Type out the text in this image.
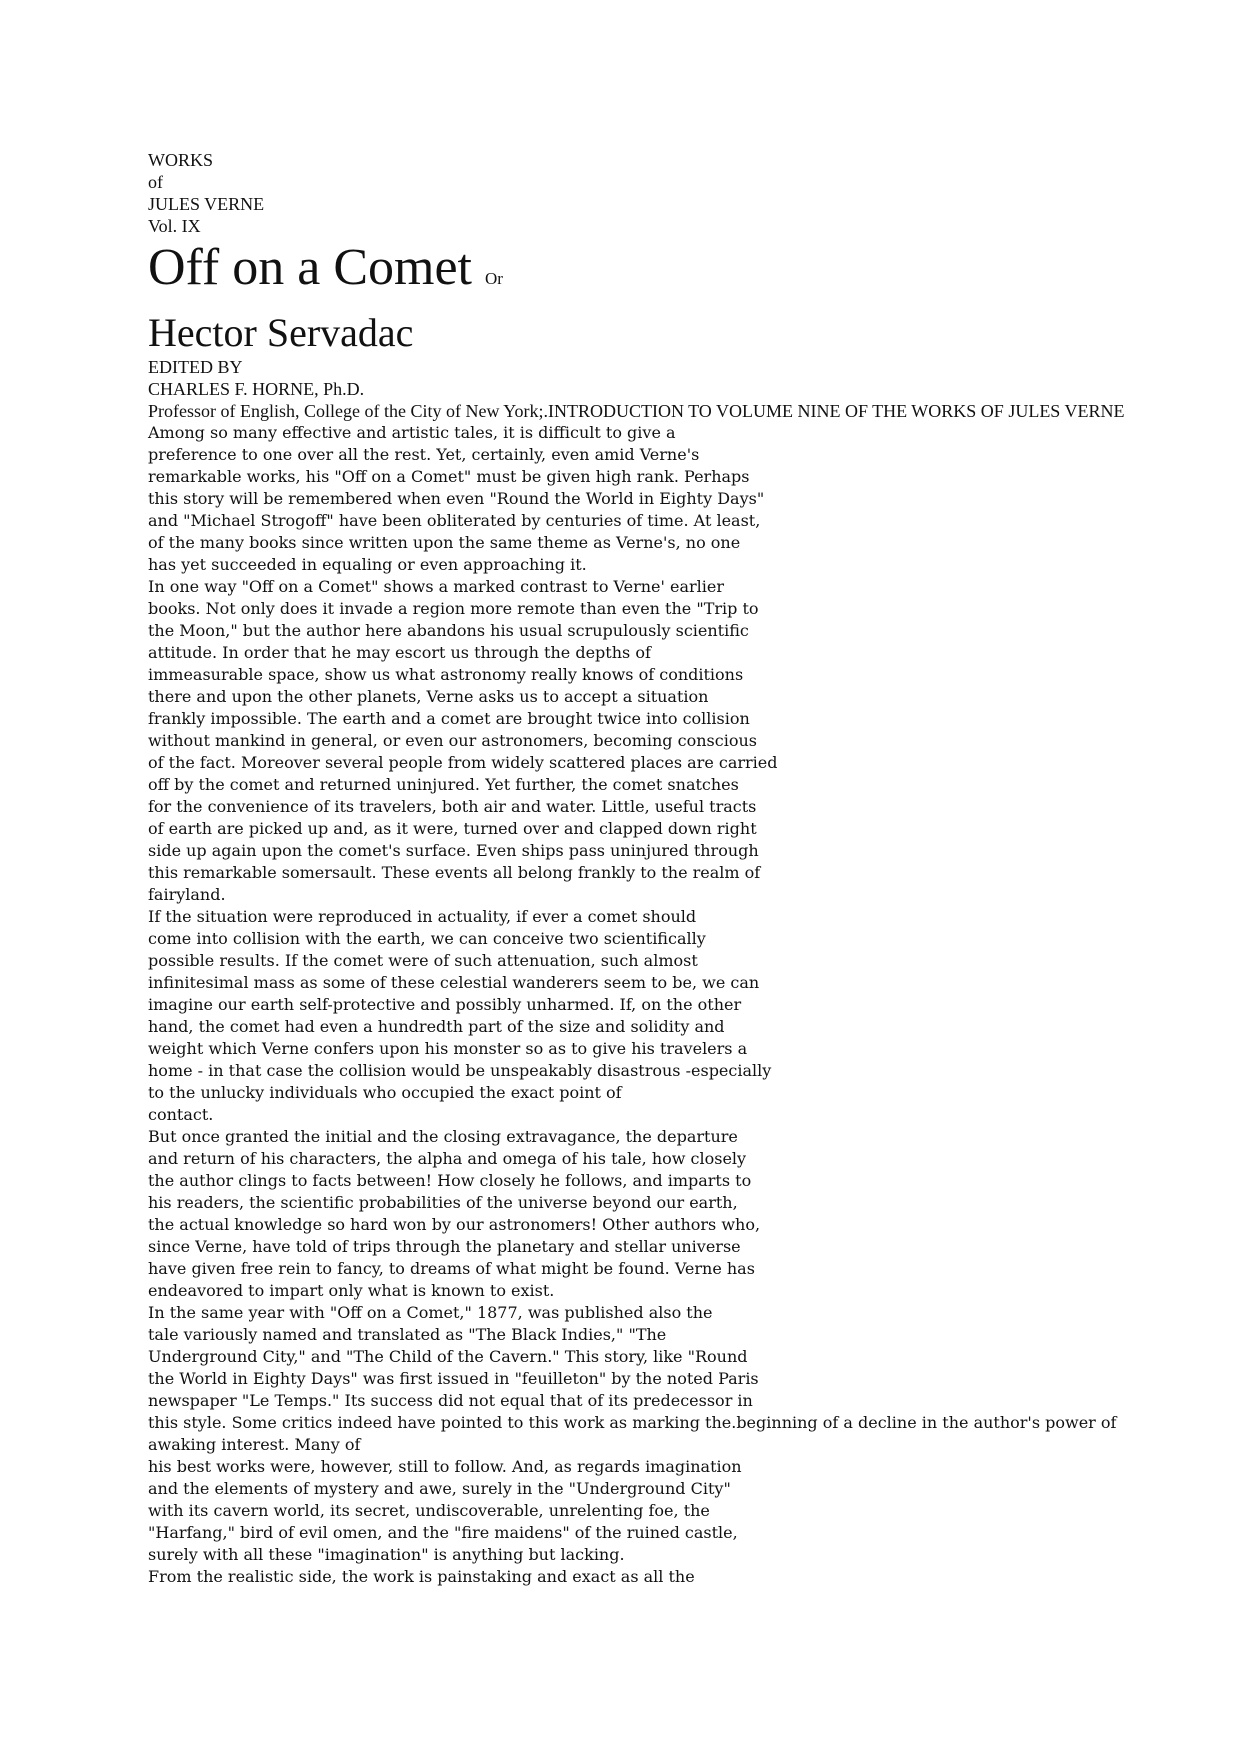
WORKS
of
JULES VERNE
Vol. IX
Off on a Comet Or
Hector Servadac
EDITED BY
CHARLES F. HORNE, Ph.D.
Professor of English, College of the City of New York;.INTRODUCTION TO VOLUME NINE OF THE WORKS OF JULES VERNE
Among so many effective and artistic tales, it is difficult to give a
preference to one over all the rest. Yet, certainly, even amid Verne's
remarkable works, his "Off on a Comet" must be given high rank. Perhaps
this story will be remembered when even "Round the World in Eighty Days"
and "Michael Strogoff" have been obliterated by centuries of time. At least,
of the many books since written upon the same theme as Verne's, no one
has yet succeeded in equaling or even approaching it.
In one way "Off on a Comet" shows a marked contrast to Verne' earlier
books. Not only does it invade a region more remote than even the "Trip to
the Moon," but the author here abandons his usual scrupulously scientific
attitude. In order that he may escort us through the depths of
immeasurable space, show us what astronomy really knows of conditions
there and upon the other planets, Verne asks us to accept a situation
frankly impossible. The earth and a comet are brought twice into collision
without mankind in general, or even our astronomers, becoming conscious
of the fact. Moreover several people from widely scattered places are carried
off by the comet and returned uninjured. Yet further, the comet snatches
for the convenience of its travelers, both air and water. Little, useful tracts
of earth are picked up and, as it were, turned over and clapped down right
side up again upon the comet's surface. Even ships pass uninjured through
this remarkable somersault. These events all belong frankly to the realm of
fairyland.
If the situation were reproduced in actuality, if ever a comet should
come into collision with the earth, we can conceive two scientifically
possible results. If the comet were of such attenuation, such almost
infinitesimal mass as some of these celestial wanderers seem to be, we can
imagine our earth self-protective and possibly unharmed. If, on the other
hand, the comet had even a hundredth part of the size and solidity and
weight which Verne confers upon his monster so as to give his travelers a
home - in that case the collision would be unspeakably disastrous -especially
to the unlucky individuals who occupied the exact point of
contact.
But once granted the initial and the closing extravagance, the departure
and return of his characters, the alpha and omega of his tale, how closely
the author clings to facts between! How closely he follows, and imparts to
his readers, the scientific probabilities of the universe beyond our earth,
the actual knowledge so hard won by our astronomers! Other authors who,
since Verne, have told of trips through the planetary and stellar universe
have given free rein to fancy, to dreams of what might be found. Verne has
endeavored to impart only what is known to exist.
In the same year with "Off on a Comet," 1877, was published also the
tale variously named and translated as "The Black Indies," "The
Underground City," and "The Child of the Cavern." This story, like "Round
the World in Eighty Days" was first issued in "feuilleton" by the noted Paris
newspaper "Le Temps." Its success did not equal that of its predecessor in
this style. Some critics indeed have pointed to this work as marking the.beginning of a decline in the author's power of awaking interest. Many of
his best works were, however, still to follow. And, as regards imagination
and the elements of mystery and awe, surely in the "Underground City"
with its cavern world, its secret, undiscoverable, unrelenting foe, the
"Harfang," bird of evil omen, and the "fire maidens" of the ruined castle,
surely with all these "imagination" is anything but lacking.
From the realistic side, the work is painstaking and exact as all the
